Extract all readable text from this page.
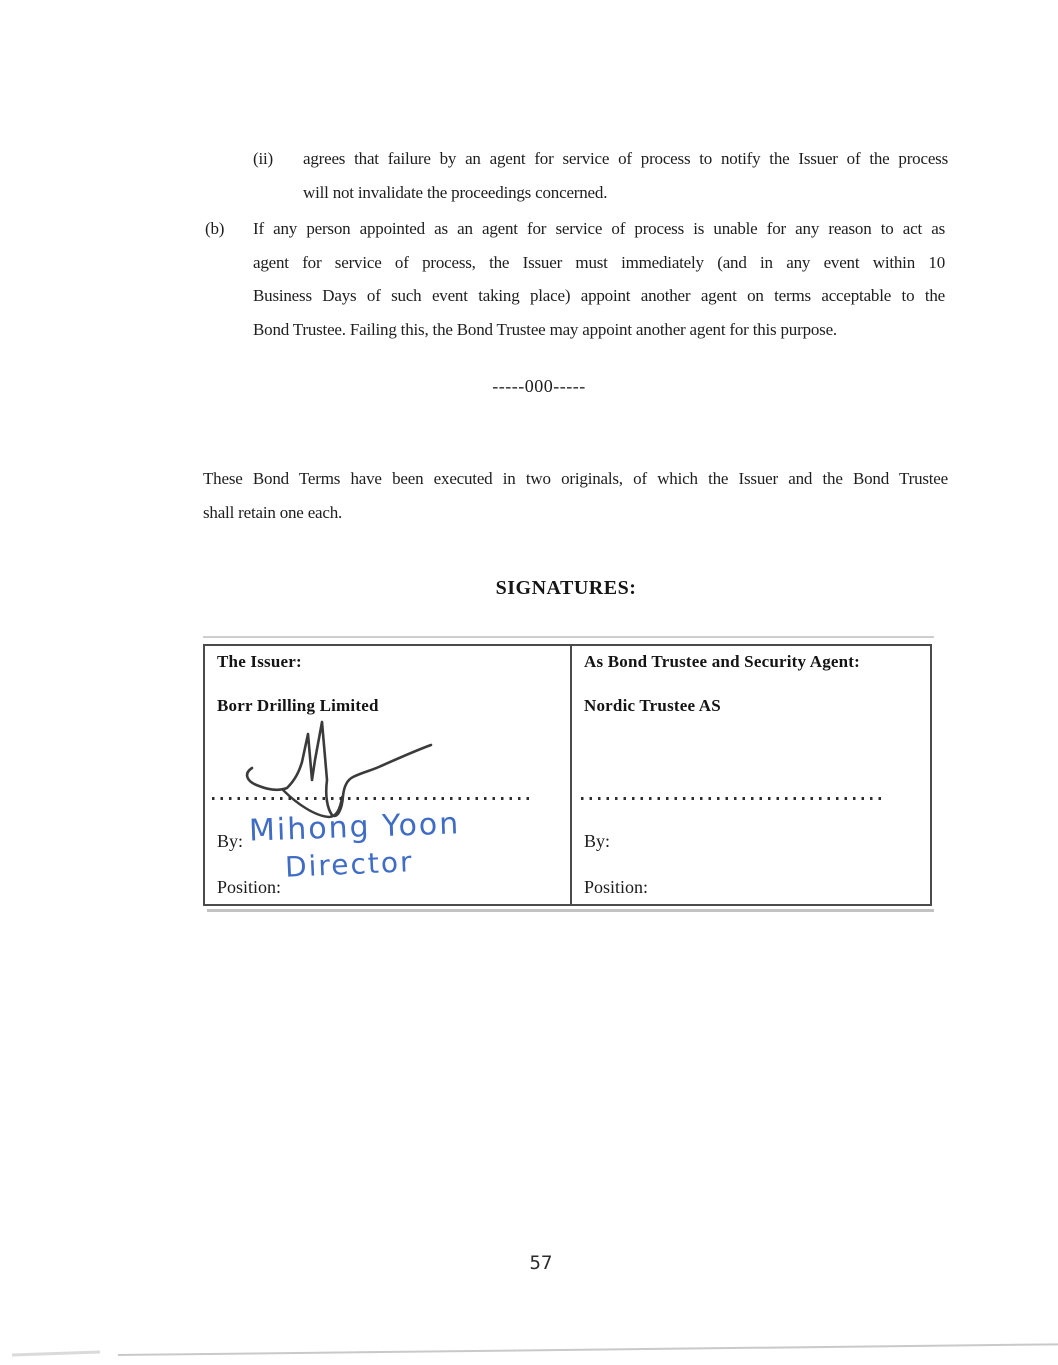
(ii)	agrees that failure by an agent for service of process to notify the Issuer of the process
will not invalidate the proceedings concerned.
(b)	If any person appointed as an agent for service of process is unable for any reason to act as
agent for service of process, the Issuer must immediately (and in any event within 10
Business Days of such event taking place) appoint another agent on terms acceptable to the
Bond Trustee. Failing this, the Bond Trustee may appoint another agent for this purpose.
-----000-----
These Bond Terms have been executed in two originals, of which the Issuer and the Bond Trustee
shall retain one each.
SIGNATURES:
The Issuer:
Borr Drilling Limited
By: Mihong Yoon
Position:
Director
As Bond Trustee and Security Agent:
Nordic Trustee AS
By:
Position:
57
